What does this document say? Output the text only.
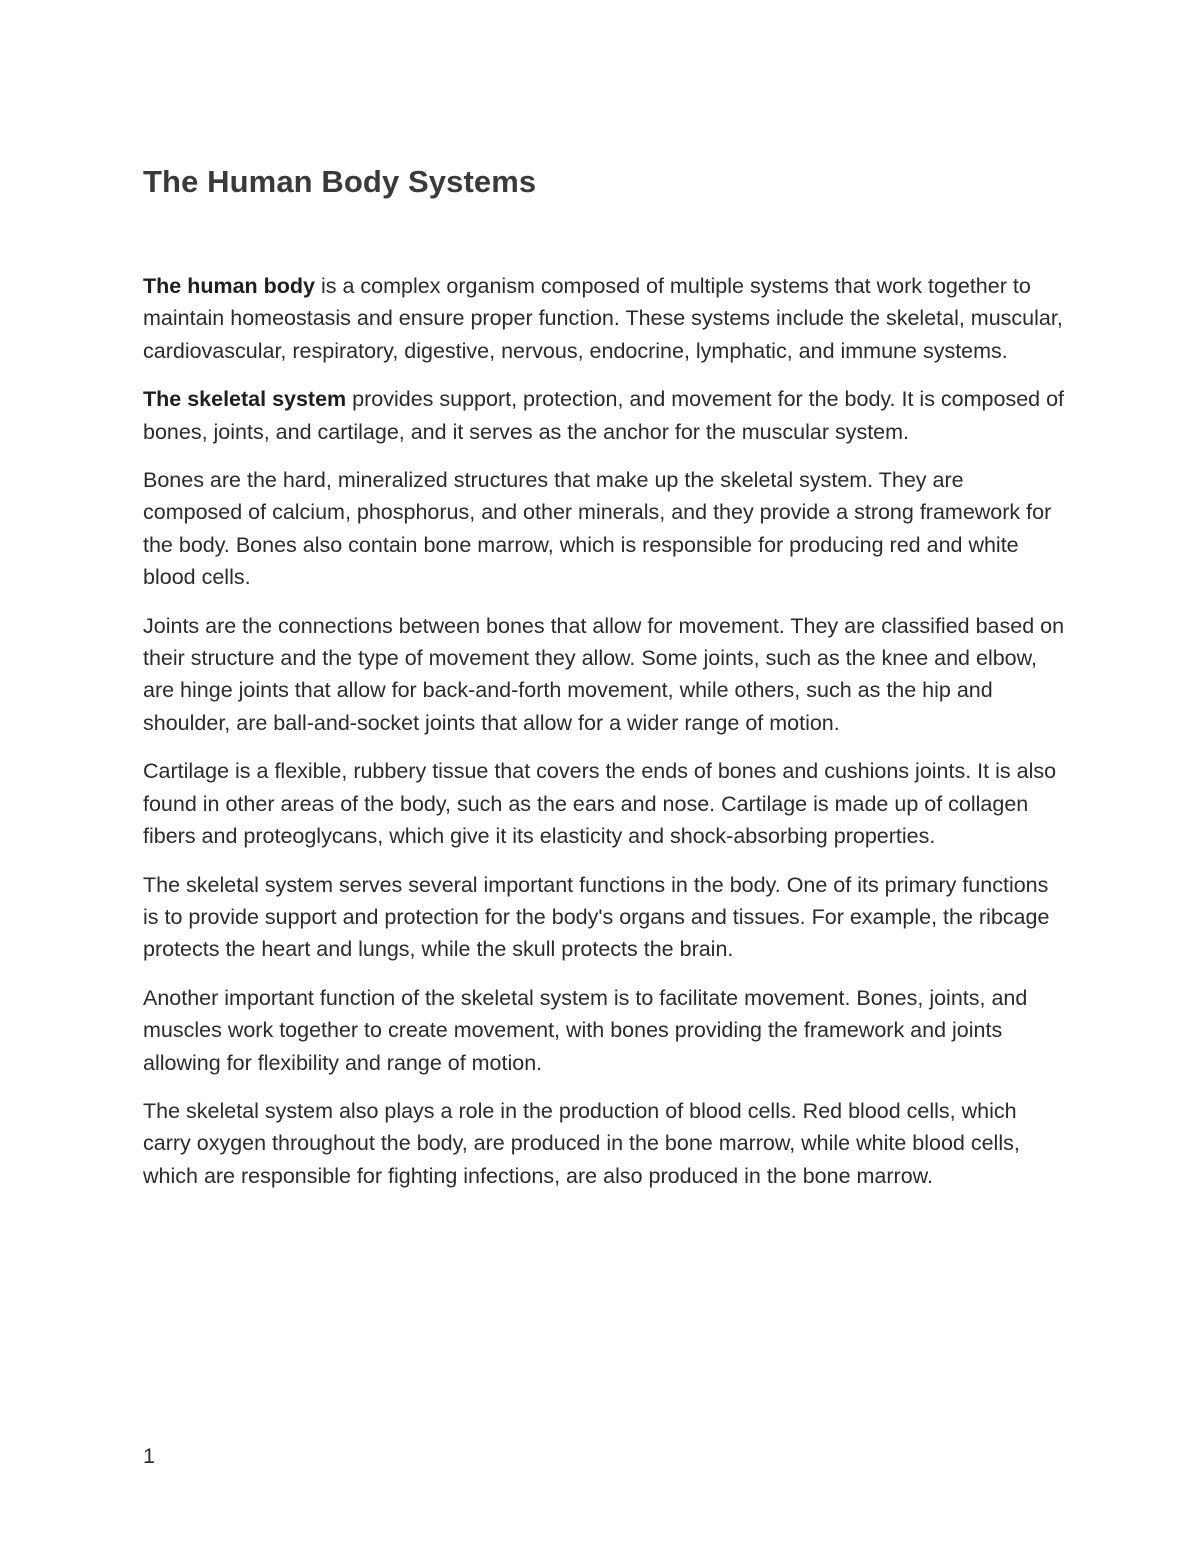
The Human Body Systems

The human body is a complex organism composed of multiple systems that work together to maintain homeostasis and ensure proper function. These systems include the skeletal, muscular, cardiovascular, respiratory, digestive, nervous, endocrine, lymphatic, and immune systems.

The skeletal system provides support, protection, and movement for the body. It is composed of bones, joints, and cartilage, and it serves as the anchor for the muscular system.

Bones are the hard, mineralized structures that make up the skeletal system. They are composed of calcium, phosphorus, and other minerals, and they provide a strong framework for the body. Bones also contain bone marrow, which is responsible for producing red and white blood cells.

Joints are the connections between bones that allow for movement. They are classified based on their structure and the type of movement they allow. Some joints, such as the knee and elbow, are hinge joints that allow for back-and-forth movement, while others, such as the hip and shoulder, are ball-and-socket joints that allow for a wider range of motion.

Cartilage is a flexible, rubbery tissue that covers the ends of bones and cushions joints. It is also found in other areas of the body, such as the ears and nose. Cartilage is made up of collagen fibers and proteoglycans, which give it its elasticity and shock-absorbing properties.

The skeletal system serves several important functions in the body. One of its primary functions is to provide support and protection for the body's organs and tissues. For example, the ribcage protects the heart and lungs, while the skull protects the brain.

Another important function of the skeletal system is to facilitate movement. Bones, joints, and muscles work together to create movement, with bones providing the framework and joints allowing for flexibility and range of motion.

The skeletal system also plays a role in the production of blood cells. Red blood cells, which carry oxygen throughout the body, are produced in the bone marrow, while white blood cells, which are responsible for fighting infections, are also produced in the bone marrow.

1
